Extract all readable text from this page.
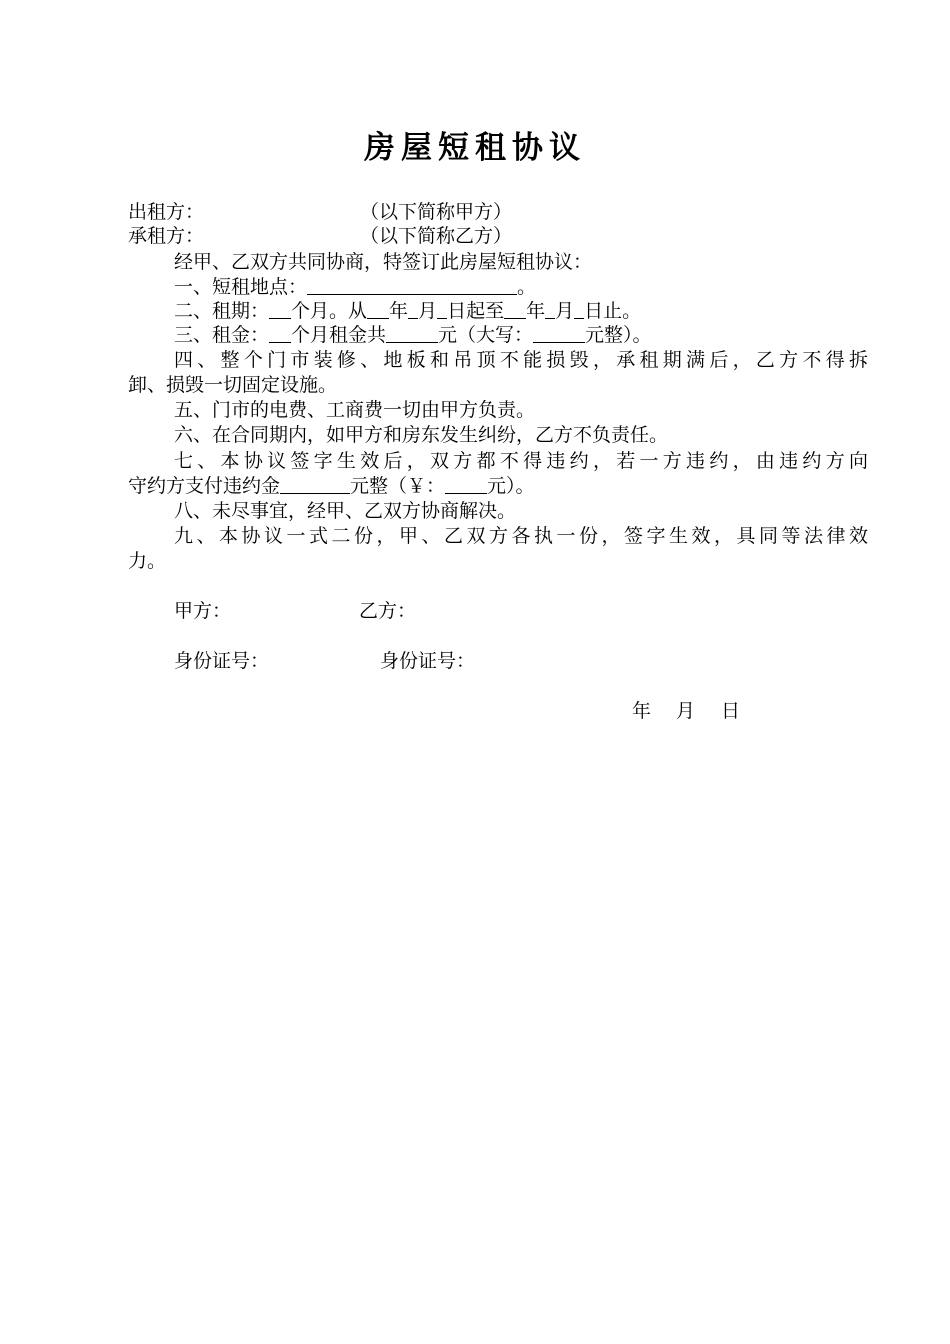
房屋短租协议
出租方：	（以下简称甲方）
承租方：	（以下简称乙方）
经甲、乙双方共同协商，特签订此房屋短租协议：
一、短租地点：	。
二、租期： 个月。从 年 月 日起至 年 月 日止。
三、租金： 个月租金共	元（大写：	元整）。
四、整个门市装修、地板和吊顶不能损毁，承租期满后，乙方不得拆
卸、损毁一切固定设施。
五、门市的电费、工商费一切由甲方负责。
六、在合同期内，如甲方和房东发生纠纷，乙方不负责任。
七、本协议签字生效后，双方都不得违约，若一方违约，由违约方向
守约方支付违约金	元整（￥： 元）。
八、未尽事宜，经甲、乙双方协商解决。
九、本协议一式二份，甲、乙双方各执一份，签字生效，具同等法律效
力。
甲方：	乙方：
身份证号：	身份证号：
年 月 日
